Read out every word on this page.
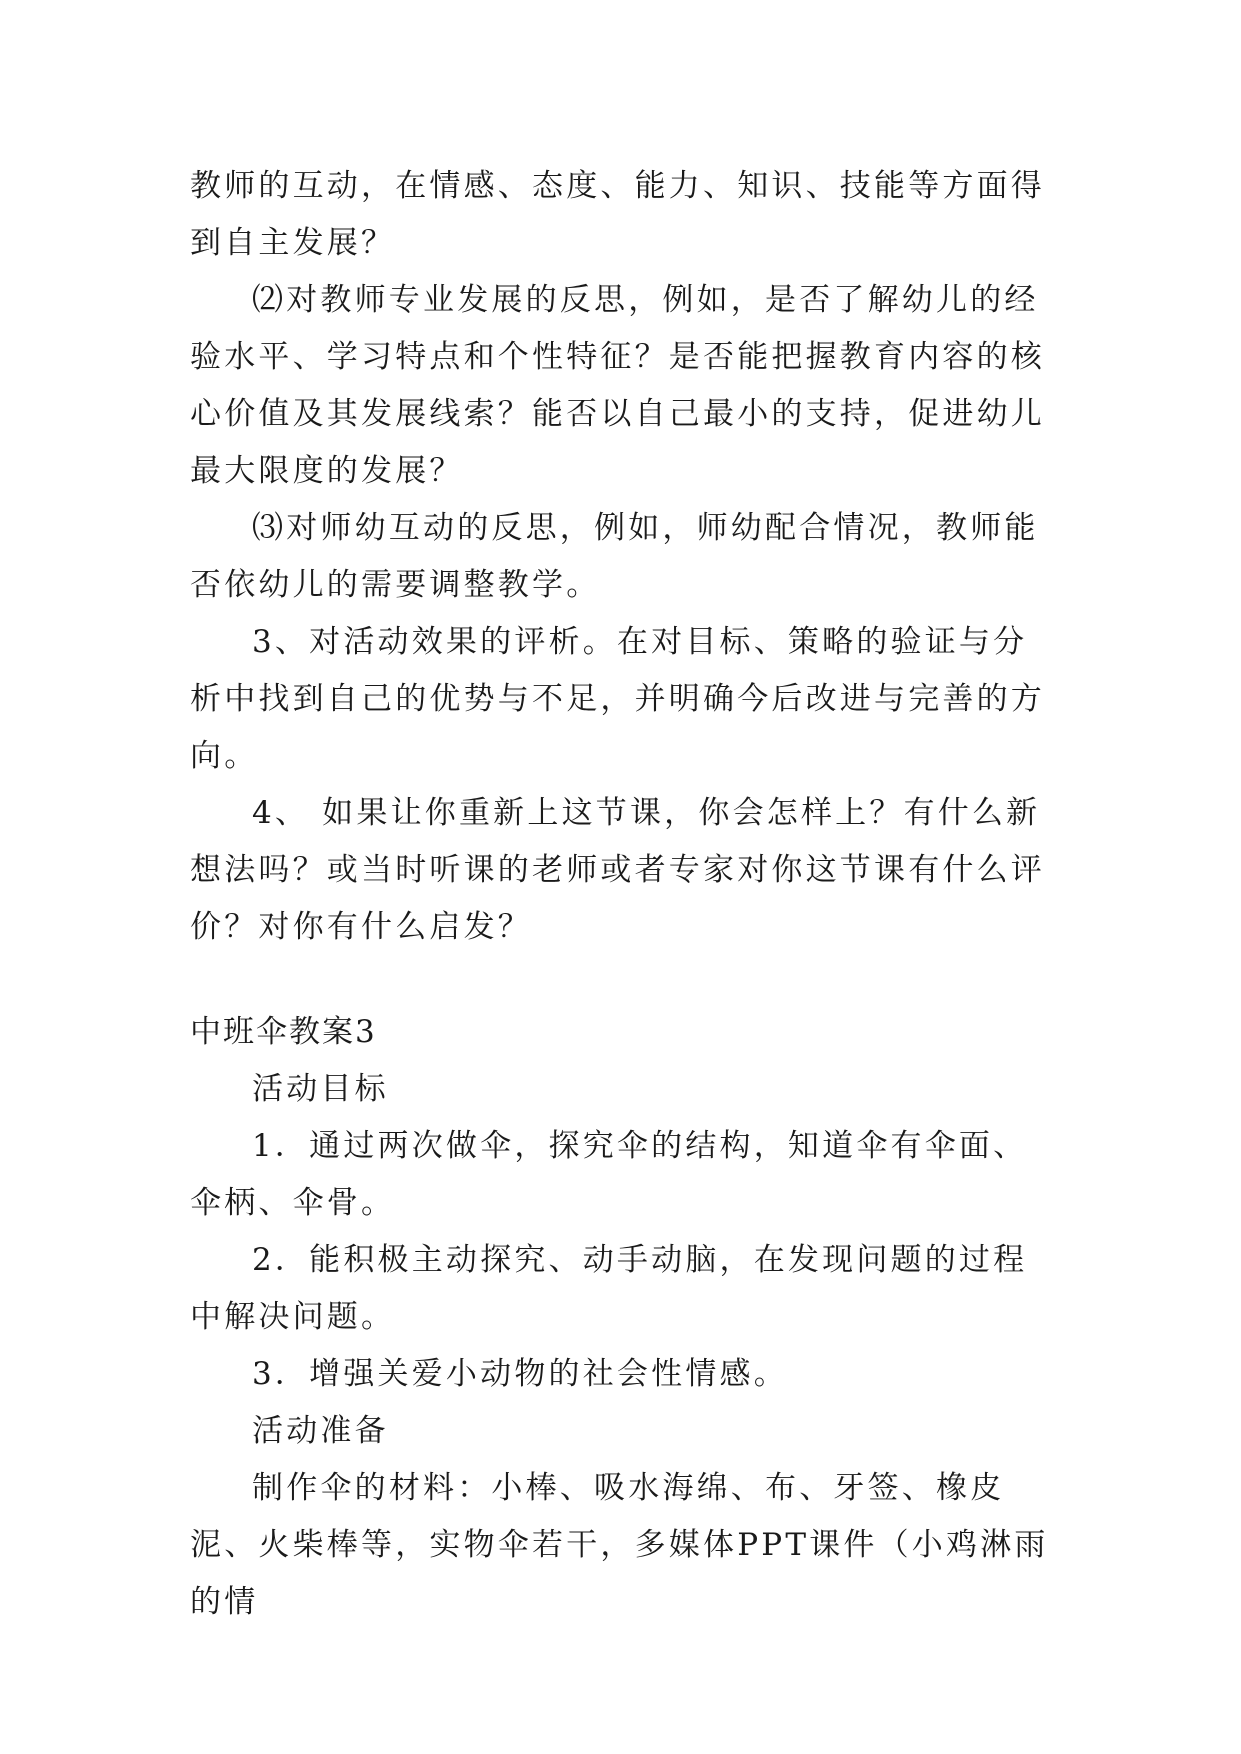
教师的互动，在情感、态度、能力、知识、技能等方面得到自主发展？

⑵对教师专业发展的反思，例如，是否了解幼儿的经验水平、学习特点和个性特征？是否能把握教育内容的核心价值及其发展线索？能否以自己最小的支持，促进幼儿最大限度的发展？

⑶对师幼互动的反思，例如，师幼配合情况，教师能否依幼儿的需要调整教学。

3、对活动效果的评析。在对目标、策略的验证与分析中找到自己的优势与不足，并明确今后改进与完善的方向。

4、 如果让你重新上这节课，你会怎样上？有什么新想法吗？或当时听课的老师或者专家对你这节课有什么评价？对你有什么启发？

中班伞教案3

活动目标

1．通过两次做伞，探究伞的结构，知道伞有伞面、伞柄、伞骨。

2．能积极主动探究、动手动脑，在发现问题的过程中解决问题。

3．增强关爱小动物的社会性情感。

活动准备

制作伞的材料：小棒、吸水海绵、布、牙签、橡皮泥、火柴棒等，实物伞若干，多媒体PPT课件（小鸡淋雨的情
